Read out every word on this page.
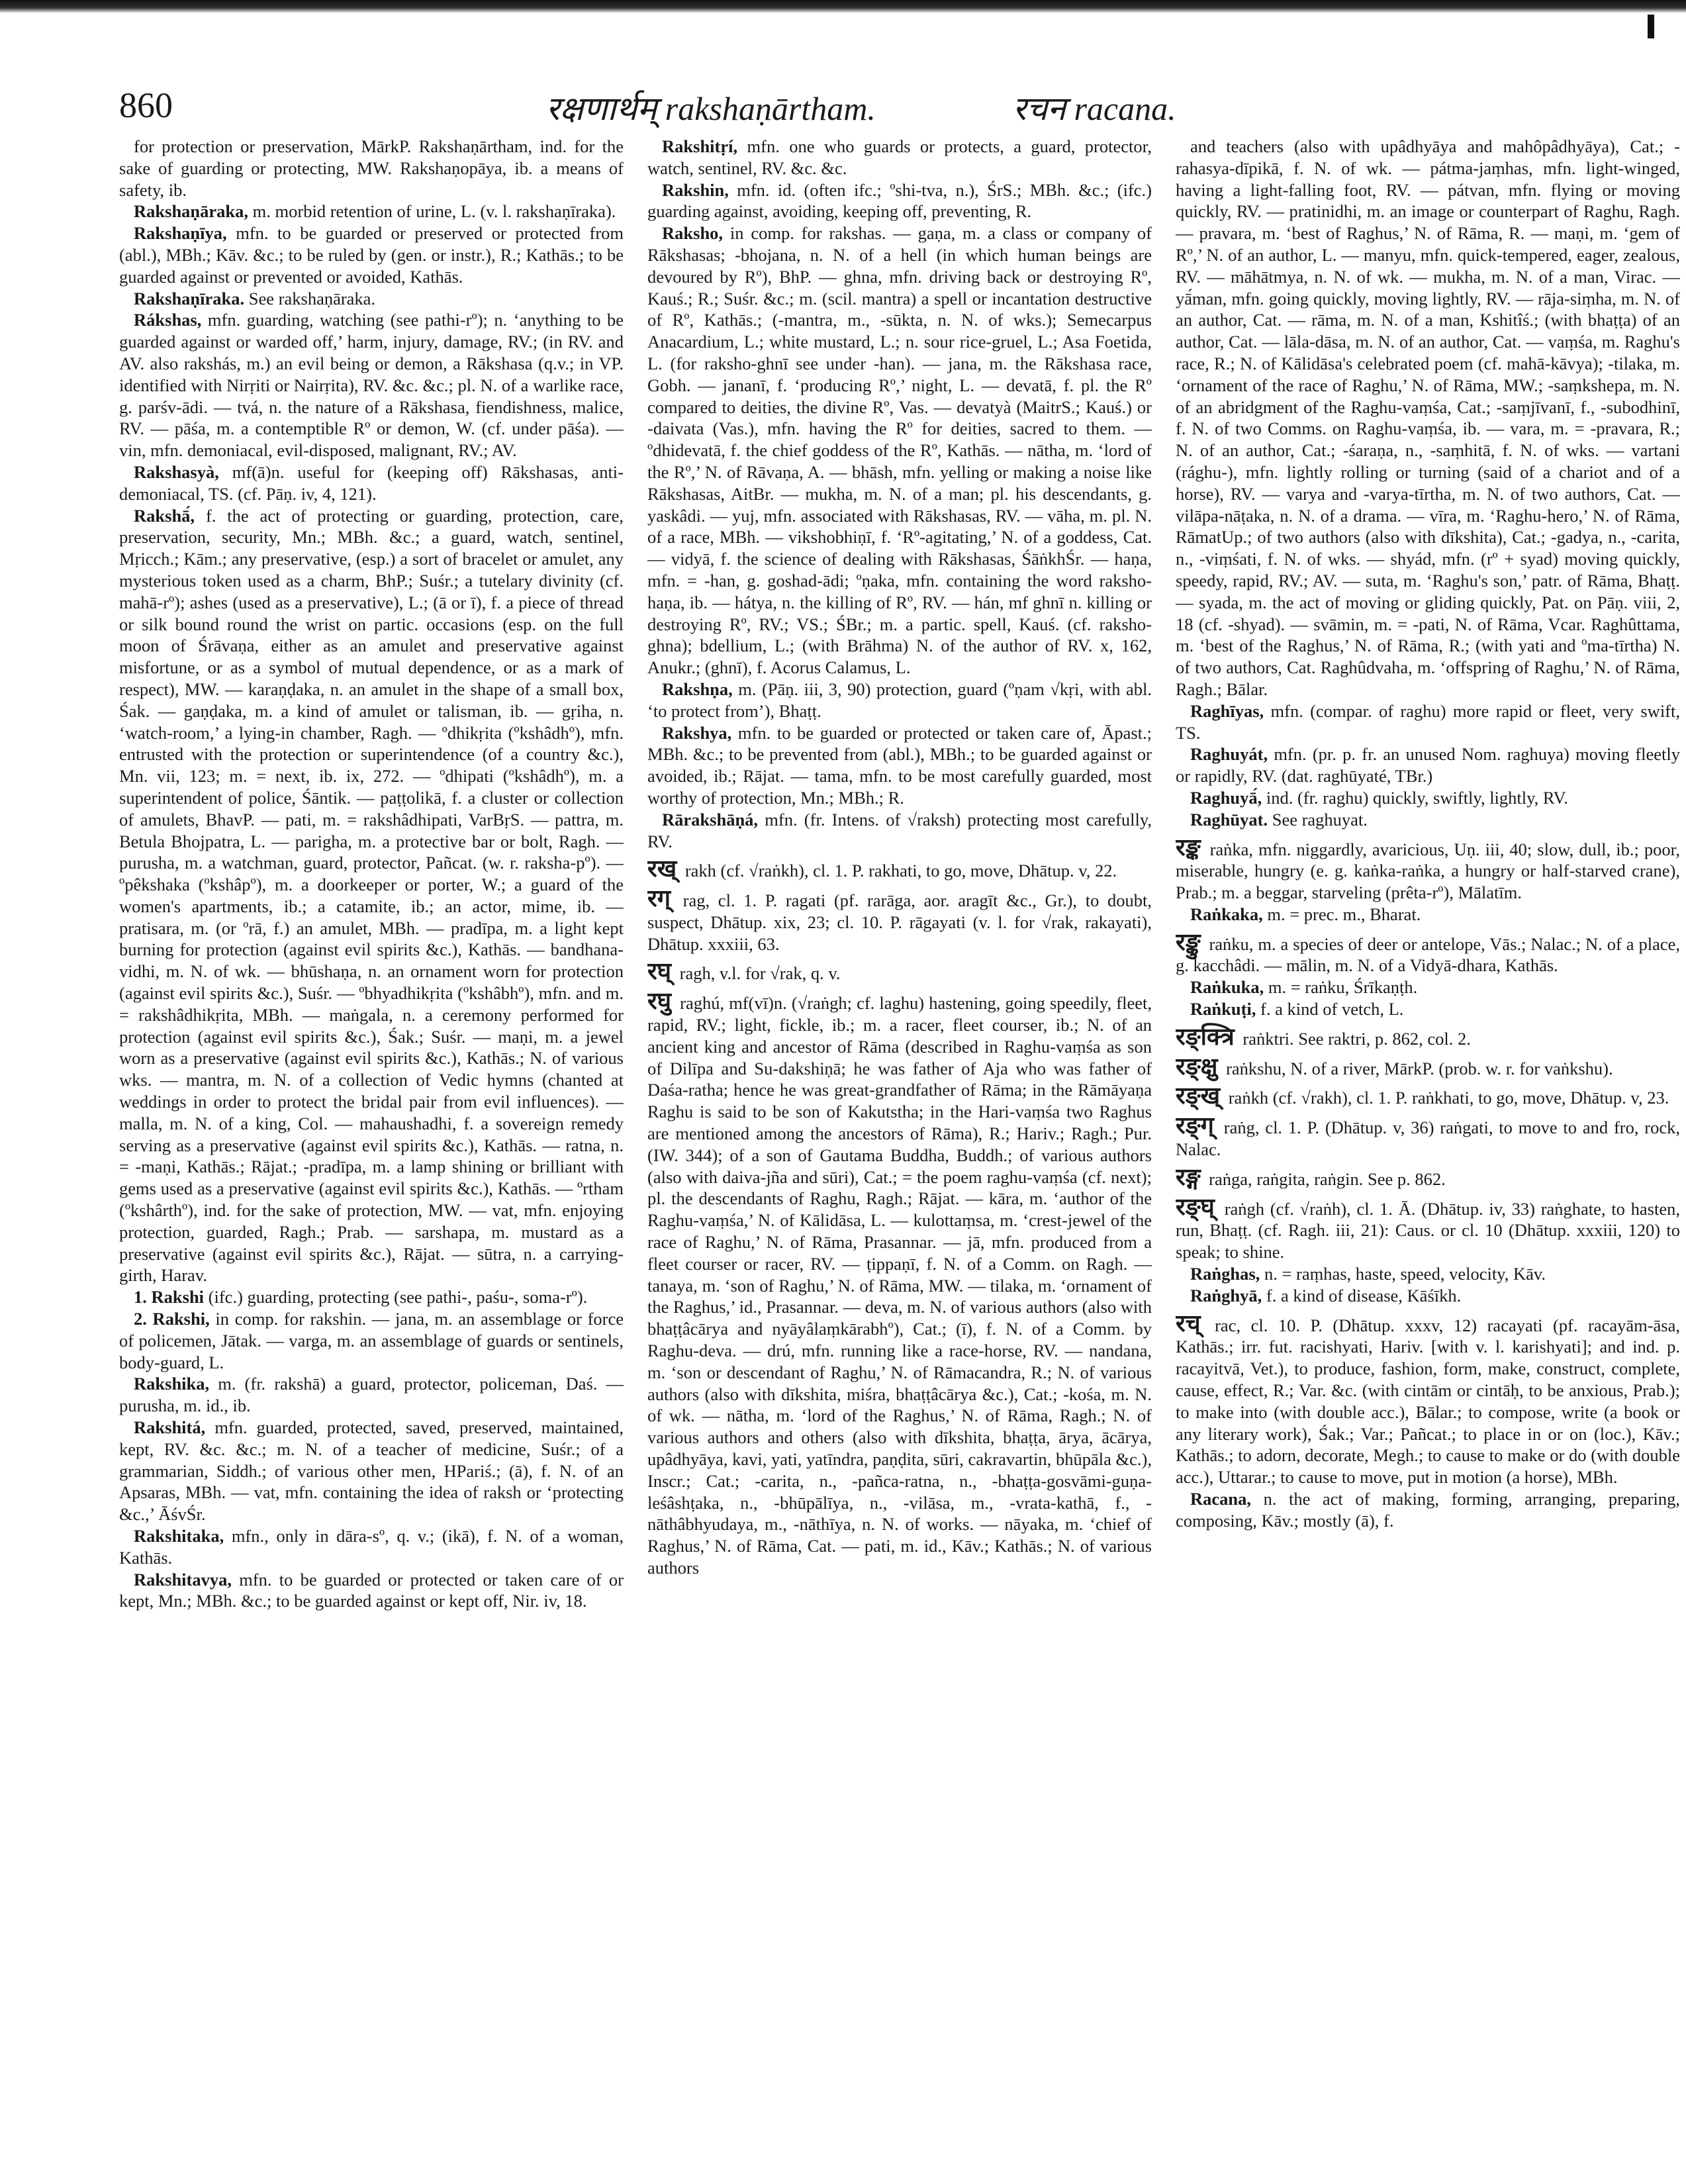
860	रक्षणार्थम् rakshaṇārtham.	रचन racana.

for protection or preservation, MārkP. Rakshaṇārtham, ind. for the sake of guarding or protecting, MW. Rakshaṇopāya, ib. a means of safety, ib.

Rakshaṇāraka, m. morbid retention of urine, L. (v. l. rakshaṇīraka).

Rakshaṇīya, mfn. to be guarded or preserved or protected from (abl.), MBh.; Kāv. &c.; to be ruled by (gen. or instr.), R.; Kathās.; to be guarded against or prevented or avoided, Kathās.

Rakshaṇīraka. See rakshaṇāraka.

Rákshas, mfn. guarding, watching (see pathi-rº); n. ‘anything to be guarded against or warded off,’ harm, injury, damage, RV.; (in RV. and AV. also rakshás, m.) an evil being or demon, a Rākshasa (q.v.; in VP. identified with Nirṛiti or Nairṛita), RV. &c. &c.; pl. N. of a warlike race, g. parśv-ādi. — tvá, n. the nature of a Rākshasa, fiendishness, malice, RV. — pāśa, m. a contemptible Rº or demon, W. (cf. under pāśa). — vin, mfn. demoniacal, evil-disposed, malignant, RV.; AV.

Rakshasyà, mf(ā)n. useful for (keeping off) Rākshasas, anti-demoniacal, TS. (cf. Pāṇ. iv, 4, 121).

Rakshā́, f. the act of protecting or guarding, protection, care, preservation, security, Mn.; MBh. &c.; a guard, watch, sentinel, Mṛicch.; Kām.; any preservative, (esp.) a sort of bracelet or amulet, any mysterious token used as a charm, BhP.; Suśr.; a tutelary divinity (cf. mahā-rº); ashes (used as a preservative), L.; (ā or ī), f. a piece of thread or silk bound round the wrist on partic. occasions (esp. on the full moon of Śrāvaṇa, either as an amulet and preservative against misfortune, or as a symbol of mutual dependence, or as a mark of respect), MW. — karaṇḍaka, n. an amulet in the shape of a small box, Śak. — gaṇḍaka, m. a kind of amulet or talisman, ib. — gṛiha, n. ‘watch-room,’ a lying-in chamber, Ragh. — ºdhikṛita (ºkshâdhº), mfn. entrusted with the protection or superintendence (of a country &c.), Mn. vii, 123; m. = next, ib. ix, 272. — ºdhipati (ºkshâdhº), m. a superintendent of police, Śāntik. — paṭṭolikā, f. a cluster or collection of amulets, BhavP. — pati, m. = rakshâdhipati, VarBṛS. — pattra, m. Betula Bhojpatra, L. — parigha, m. a protective bar or bolt, Ragh. — purusha, m. a watchman, guard, protector, Pañcat. (w. r. raksha-pº). — ºpêkshaka (ºkshâpº), m. a doorkeeper or porter, W.; a guard of the women's apartments, ib.; a catamite, ib.; an actor, mime, ib. — pratisara, m. (or ºrā, f.) an amulet, MBh. — pradīpa, m. a light kept burning for protection (against evil spirits &c.), Kathās. — bandhana-vidhi, m. N. of wk. — bhūshaṇa, n. an ornament worn for protection (against evil spirits &c.), Suśr. — ºbhyadhikṛita (ºkshâbhº), mfn. and m. = rakshâdhikṛita, MBh. — maṅgala, n. a ceremony performed for protection (against evil spirits &c.), Śak.; Suśr. — maṇi, m. a jewel worn as a preservative (against evil spirits &c.), Kathās.; N. of various wks. — mantra, m. N. of a collection of Vedic hymns (chanted at weddings in order to protect the bridal pair from evil influences). — malla, m. N. of a king, Col. — mahaushadhi, f. a sovereign remedy serving as a preservative (against evil spirits &c.), Kathās. — ratna, n. = -maṇi, Kathās.; Rājat.; -pradīpa, m. a lamp shining or brilliant with gems used as a preservative (against evil spirits &c.), Kathās. — ºrtham (ºkshârthº), ind. for the sake of protection, MW. — vat, mfn. enjoying protection, guarded, Ragh.; Prab. — sarshapa, m. mustard as a preservative (against evil spirits &c.), Rājat. — sūtra, n. a carrying-girth, Harav.

1. Rakshi (ifc.) guarding, protecting (see pathi-, paśu-, soma-rº).

2. Rakshi, in comp. for rakshin. — jana, m. an assemblage or force of policemen, Jātak. — varga, m. an assemblage of guards or sentinels, body-guard, L.

Rakshika, m. (fr. rakshā) a guard, protector, policeman, Daś. — purusha, m. id., ib.

Rakshitá, mfn. guarded, protected, saved, preserved, maintained, kept, RV. &c. &c.; m. N. of a teacher of medicine, Suśr.; of a grammarian, Siddh.; of various other men, HPariś.; (ā), f. N. of an Apsaras, MBh. — vat, mfn. containing the idea of raksh or ‘protecting &c.,’ ĀśvŚr.

Rakshitaka, mfn., only in dāra-sº, q. v.; (ikā), f. N. of a woman, Kathās.

Rakshitavya, mfn. to be guarded or protected or taken care of or kept, Mn.; MBh. &c.; to be guarded against or kept off, Nir. iv, 18.

Rakshitṛí, mfn. one who guards or protects, a guard, protector, watch, sentinel, RV. &c. &c.

Rakshin, mfn. id. (often ifc.; ºshi-tva, n.), ŚrS.; MBh. &c.; (ifc.) guarding against, avoiding, keeping off, preventing, R.

Raksho, in comp. for rakshas. — gaṇa, m. a class or company of Rākshasas; -bhojana, n. N. of a hell (in which human beings are devoured by Rº), BhP. — ghna, mfn. driving back or destroying Rº, Kauś.; R.; Suśr. &c.; m. (scil. mantra) a spell or incantation destructive of Rº, Kathās.; (-mantra, m., -sūkta, n. N. of wks.); Semecarpus Anacardium, L.; white mustard, L.; n. sour rice-gruel, L.; Asa Foetida, L. (for raksho-ghnī see under -han). — jana, m. the Rākshasa race, Gobh. — jananī, f. ‘producing Rº,’ night, L. — devatā, f. pl. the Rº compared to deities, the divine Rº, Vas. — devatyà (MaitrS.; Kauś.) or -daivata (Vas.), mfn. having the Rº for deities, sacred to them. — ºdhidevatā, f. the chief goddess of the Rº, Kathās. — nātha, m. ‘lord of the Rº,’ N. of Rāvaṇa, A. — bhāsh, mfn. yelling or making a noise like Rākshasas, AitBr. — mukha, m. N. of a man; pl. his descendants, g. yaskâdi. — yuj, mfn. associated with Rākshasas, RV. — vāha, m. pl. N. of a race, MBh. — vikshobhiṇī, f. ‘Rº-agitating,’ N. of a goddess, Cat. — vidyā, f. the science of dealing with Rākshasas, ŚāṅkhŚr. — haṇa, mfn. = -han, g. goshad-ādi; ºṇaka, mfn. containing the word raksho-haṇa, ib. — hátya, n. the killing of Rº, RV. — hán, mf ghnī n. killing or destroying Rº, RV.; VS.; ŚBr.; m. a partic. spell, Kauś. (cf. raksho-ghna); bdellium, L.; (with Brāhma) N. of the author of RV. x, 162, Anukr.; (ghnī), f. Acorus Calamus, L.

Rakshṇa, m. (Pāṇ. iii, 3, 90) protection, guard (ºṇam √kṛi, with abl. ‘to protect from’), Bhaṭṭ.

Rakshya, mfn. to be guarded or protected or taken care of, Āpast.; MBh. &c.; to be prevented from (abl.), MBh.; to be guarded against or avoided, ib.; Rājat. — tama, mfn. to be most carefully guarded, most worthy of protection, Mn.; MBh.; R.

Rārakshāṇá, mfn. (fr. Intens. of √raksh) protecting most carefully, RV.

रख् rakh (cf. √raṅkh), cl. 1. P. rakhati, to go, move, Dhātup. v, 22.

रग् rag, cl. 1. P. ragati (pf. rarāga, aor. aragīt &c., Gr.), to doubt, suspect, Dhātup. xix, 23; cl. 10. P. rāgayati (v. l. for √rak, rakayati), Dhātup. xxxiii, 63.

रघ् ragh, v.l. for √rak, q. v.

रघु raghú, mf(vī)n. (√raṅgh; cf. laghu) hastening, going speedily, fleet, rapid, RV.; light, fickle, ib.; m. a racer, fleet courser, ib.; N. of an ancient king and ancestor of Rāma (described in Raghu-vaṃśa as son of Dilīpa and Su-dakshiṇā; he was father of Aja who was father of Daśa-ratha; hence he was great-grandfather of Rāma; in the Rāmāyaṇa Raghu is said to be son of Kakutstha; in the Hari-vaṃśa two Raghus are mentioned among the ancestors of Rāma), R.; Hariv.; Ragh.; Pur. (IW. 344); of a son of Gautama Buddha, Buddh.; of various authors (also with daiva-jña and sūri), Cat.; = the poem raghu-vaṃśa (cf. next); pl. the descendants of Raghu, Ragh.; Rājat. — kāra, m. ‘author of the Raghu-vaṃśa,’ N. of Kālidāsa, L. — kulottaṃsa, m. ‘crest-jewel of the race of Raghu,’ N. of Rāma, Prasannar. — jā, mfn. produced from a fleet courser or racer, RV. — ṭippaṇī, f. N. of a Comm. on Ragh. — tanaya, m. ‘son of Raghu,’ N. of Rāma, MW. — tilaka, m. ‘ornament of the Raghus,’ id., Prasannar. — deva, m. N. of various authors (also with bhaṭṭâcārya and nyāyâlaṃkārabhº), Cat.; (ī), f. N. of a Comm. by Raghu-deva. — drú, mfn. running like a race-horse, RV. — nandana, m. ‘son or descendant of Raghu,’ N. of Rāmacandra, R.; N. of various authors (also with dīkshita, miśra, bhaṭṭâcārya &c.), Cat.; -kośa, m. N. of wk. — nātha, m. ‘lord of the Raghus,’ N. of Rāma, Ragh.; N. of various authors and others (also with dīkshita, bhaṭṭa, ārya, ācārya, upâdhyāya, kavi, yati, yatīndra, paṇḍita, sūri, cakravartin, bhūpāla &c.), Inscr.; Cat.; -carita, n., -pañca-ratna, n., -bhaṭṭa-gosvāmi-guṇa-leśâshṭaka, n., -bhūpālīya, n., -vilāsa, m., -vrata-kathā, f., -nāthâbhyudaya, m., -nāthīya, n. N. of works. — nāyaka, m. ‘chief of Raghus,’ N. of Rāma, Cat. — pati, m. id., Kāv.; Kathās.; N. of various authors

and teachers (also with upâdhyāya and mahôpâdhyāya), Cat.; -rahasya-dīpikā, f. N. of wk. — pátma-jaṃhas, mfn. light-winged, having a light-falling foot, RV. — pátvan, mfn. flying or moving quickly, RV. — pratinidhi, m. an image or counterpart of Raghu, Ragh. — pravara, m. ‘best of Raghus,’ N. of Rāma, R. — maṇi, m. ‘gem of Rº,’ N. of an author, L. — manyu, mfn. quick-tempered, eager, zealous, RV. — māhātmya, n. N. of wk. — mukha, m. N. of a man, Virac. — yā́man, mfn. going quickly, moving lightly, RV. — rāja-siṃha, m. N. of an author, Cat. — rāma, m. N. of a man, Kshitîś.; (with bhaṭṭa) of an author, Cat. — lāla-dāsa, m. N. of an author, Cat. — vaṃśa, m. Raghu's race, R.; N. of Kālidāsa's celebrated poem (cf. mahā-kāvya); -tilaka, m. ‘ornament of the race of Raghu,’ N. of Rāma, MW.; -saṃkshepa, m. N. of an abridgment of the Raghu-vaṃśa, Cat.; -saṃjīvanī, f., -subodhinī, f. N. of two Comms. on Raghu-vaṃśa, ib. — vara, m. = -pravara, R.; N. of an author, Cat.; -śaraṇa, n., -saṃhitā, f. N. of wks. — vartani (rághu-), mfn. lightly rolling or turning (said of a chariot and of a horse), RV. — varya and -varya-tīrtha, m. N. of two authors, Cat. — vilāpa-nāṭaka, n. N. of a drama. — vīra, m. ‘Raghu-hero,’ N. of Rāma, RāmatUp.; of two authors (also with dīkshita), Cat.; -gadya, n., -carita, n., -viṃśati, f. N. of wks. — shyád, mfn. (rº + syad) moving quickly, speedy, rapid, RV.; AV. — suta, m. ‘Raghu's son,’ patr. of Rāma, Bhaṭṭ. — syada, m. the act of moving or gliding quickly, Pat. on Pāṇ. viii, 2, 18 (cf. -shyad). — svāmin, m. = -pati, N. of Rāma, Vcar. Raghûttama, m. ‘best of the Raghus,’ N. of Rāma, R.; (with yati and ºma-tīrtha) N. of two authors, Cat. Raghûdvaha, m. ‘offspring of Raghu,’ N. of Rāma, Ragh.; Bālar.

Raghīyas, mfn. (compar. of raghu) more rapid or fleet, very swift, TS.

Raghuyát, mfn. (pr. p. fr. an unused Nom. raghuya) moving fleetly or rapidly, RV. (dat. raghūyaté, TBr.)

Raghuyā́, ind. (fr. raghu) quickly, swiftly, lightly, RV.

Raghūyat. See raghuyat.

रङ्क raṅka, mfn. niggardly, avaricious, Uṇ. iii, 40; slow, dull, ib.; poor, miserable, hungry (e. g. kaṅka-raṅka, a hungry or half-starved crane), Prab.; m. a beggar, starveling (prêta-rº), Mālatīm.

Raṅkaka, m. = prec. m., Bharat.

रङ्कु raṅku, m. a species of deer or antelope, Vās.; Nalac.; N. of a place, g. kacchâdi. — mālin, m. N. of a Vidyā-dhara, Kathās.

Raṅkuka, m. = raṅku, Śrīkaṇṭh.

Raṅkuṭi, f. a kind of vetch, L.

रङ्क्त्रि raṅktri. See raktri, p. 862, col. 2.

रङ्क्षु raṅkshu, N. of a river, MārkP. (prob. w. r. for vaṅkshu).

रङ्ख् raṅkh (cf. √rakh), cl. 1. P. raṅkhati, to go, move, Dhātup. v, 23.

रङ्ग् raṅg, cl. 1. P. (Dhātup. v, 36) raṅgati, to move to and fro, rock, Nalac.

रङ्ग raṅga, raṅgita, raṅgin. See p. 862.

रङ्घ् raṅgh (cf. √raṅh), cl. 1. Ā. (Dhātup. iv, 33) raṅghate, to hasten, run, Bhaṭṭ. (cf. Ragh. iii, 21): Caus. or cl. 10 (Dhātup. xxxiii, 120) to speak; to shine.

Raṅghas, n. = raṃhas, haste, speed, velocity, Kāv.

Raṅghyā, f. a kind of disease, Kāśīkh.

रच् rac, cl. 10. P. (Dhātup. xxxv, 12) racayati (pf. racayām-āsa, Kathās.; irr. fut. racishyati, Hariv. [with v. l. karishyati]; and ind. p. racayitvā, Vet.), to produce, fashion, form, make, construct, complete, cause, effect, R.; Var. &c. (with cintām or cintāḥ, to be anxious, Prab.); to make into (with double acc.), Bālar.; to compose, write (a book or any literary work), Śak.; Var.; Pañcat.; to place in or on (loc.), Kāv.; Kathās.; to adorn, decorate, Megh.; to cause to make or do (with double acc.), Uttarar.; to cause to move, put in motion (a horse), MBh.

Racana, n. the act of making, forming, arranging, preparing, composing, Kāv.; mostly (ā), f.
